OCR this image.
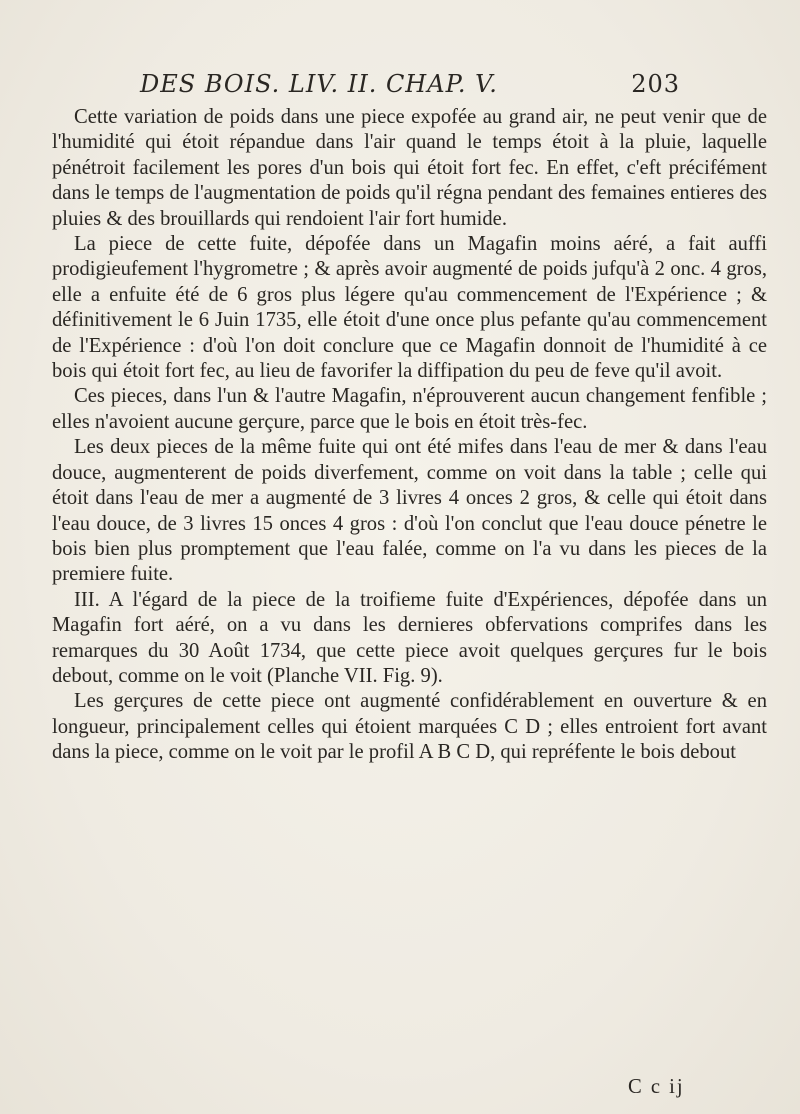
DES BOIS. LIV. II. CHAP. V.	203

Cette variation de poids dans une piece expofée au grand air, ne peut venir que de l'humidité qui étoit répandue dans l'air quand le temps étoit à la pluie, laquelle pénétroit facilement les pores d'un bois qui étoit fort fec. En effet, c'eft précifément dans le temps de l'augmentation de poids qu'il régna pendant des femaines entieres des pluies & des brouillards qui rendoient l'air fort humide.

La piece de cette fuite, dépofée dans un Magafin moins aéré, a fait auffi prodigieufement l'hygrometre ; & après avoir augmenté de poids jufqu'à 2 onc. 4 gros, elle a enfuite été de 6 gros plus légere qu'au commencement de l'Expérience ; & définitivement le 6 Juin 1735, elle étoit d'une once plus pefante qu'au commencement de l'Expérience : d'où l'on doit conclure que ce Magafin donnoit de l'humidité à ce bois qui étoit fort fec, au lieu de favorifer la diffipation du peu de feve qu'il avoit.

Ces pieces, dans l'un & l'autre Magafin, n'éprouverent aucun changement fenfible ; elles n'avoient aucune gerçure, parce que le bois en étoit très-fec.

Les deux pieces de la même fuite qui ont été mifes dans l'eau de mer & dans l'eau douce, augmenterent de poids diverfement, comme on voit dans la table ; celle qui étoit dans l'eau de mer a augmenté de 3 livres 4 onces 2 gros, & celle qui étoit dans l'eau douce, de 3 livres 15 onces 4 gros : d'où l'on conclut que l'eau douce pénetre le bois bien plus promptement que l'eau falée, comme on l'a vu dans les pieces de la premiere fuite.

III. A l'égard de la piece de la troifieme fuite d'Expériences, dépofée dans un Magafin fort aéré, on a vu dans les dernieres obfervations comprifes dans les remarques du 30 Août 1734, que cette piece avoit quelques gerçures fur le bois debout, comme on le voit (Planche VII. Fig. 9).

Les gerçures de cette piece ont augmenté confidérablement en ouverture & en longueur, principalement celles qui étoient marquées C D ; elles entroient fort avant dans la piece, comme on le voit par le profil A B C D, qui repréfente le bois debout

C c ij
